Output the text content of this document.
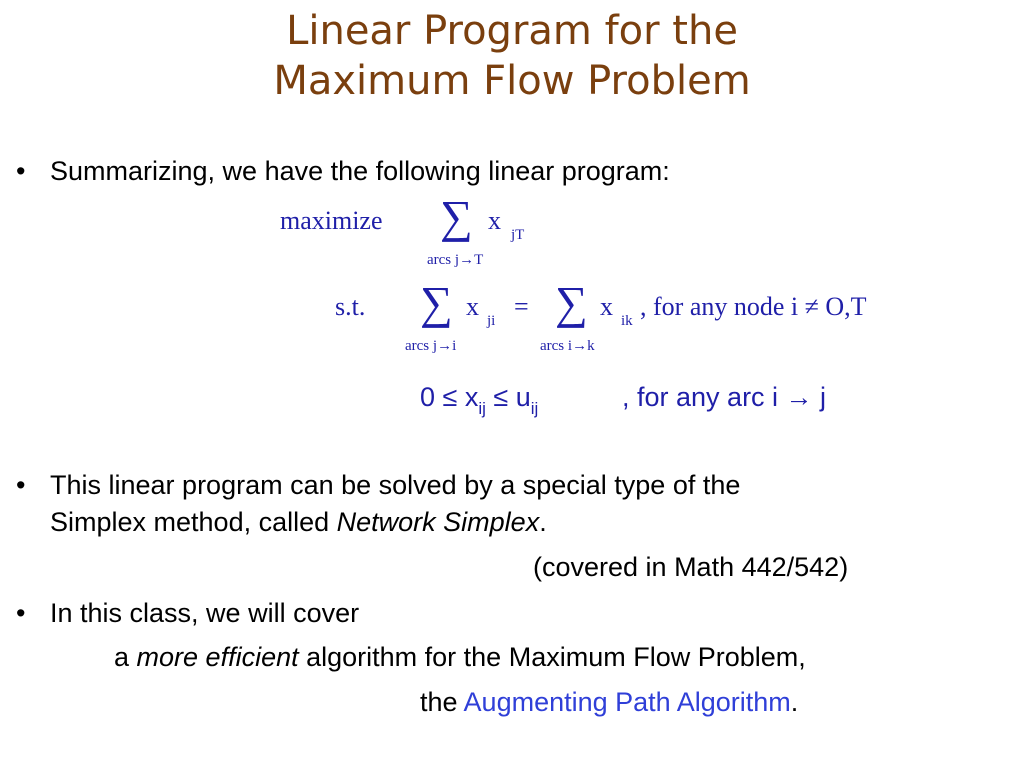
Linear Program for the
Maximum Flow Problem
• Summarizing, we have the following linear program:
maximize ∑ x jT
arcs j→T
s.t. ∑ x ji
arcs j→i
= ∑ x ik
arcs i→k
, for any node i ≠ O,T
$0 \le x_{ij} \le u_{ij}$	, for any arc i → j
• This linear program can be solved by a special type of the
Simplex method, called Network Simplex.
(covered in Math 442/542)
• In this class, we will cover
a more efficient algorithm for the Maximum Flow Problem,
the Augmenting Path Algorithm.
